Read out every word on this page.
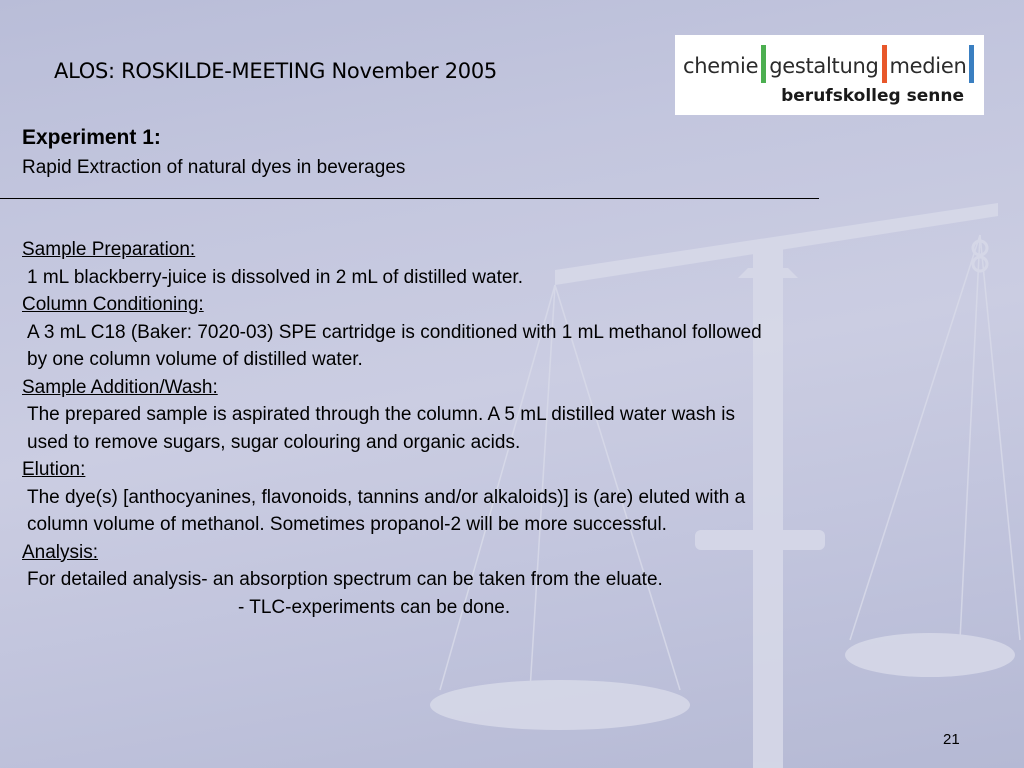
ALOS: ROSKILDE-MEETING November 2005	chemie gestaltung medien
berufskolleg senne
Experiment 1:
Rapid Extraction of natural dyes in beverages
Sample Preparation:
1 mL blackberry-juice is dissolved in 2 mL of distilled water.
Column Conditioning:
A 3 mL C18 (Baker: 7020-03) SPE cartridge is conditioned with 1 mL methanol followed
by one column volume of distilled water.
Sample Addition/Wash:
The prepared sample is aspirated through the column. A 5 mL distilled water wash is
used to remove sugars, sugar colouring and organic acids.
Elution:
The dye(s) [anthocyanines, flavonoids, tannins and/or alkaloids)] is (are) eluted with a
column volume of methanol. Sometimes propanol-2 will be more successful.
Analysis:
For detailed analysis- an absorption spectrum can be taken from the eluate.
- TLC-experiments can be done.
21
